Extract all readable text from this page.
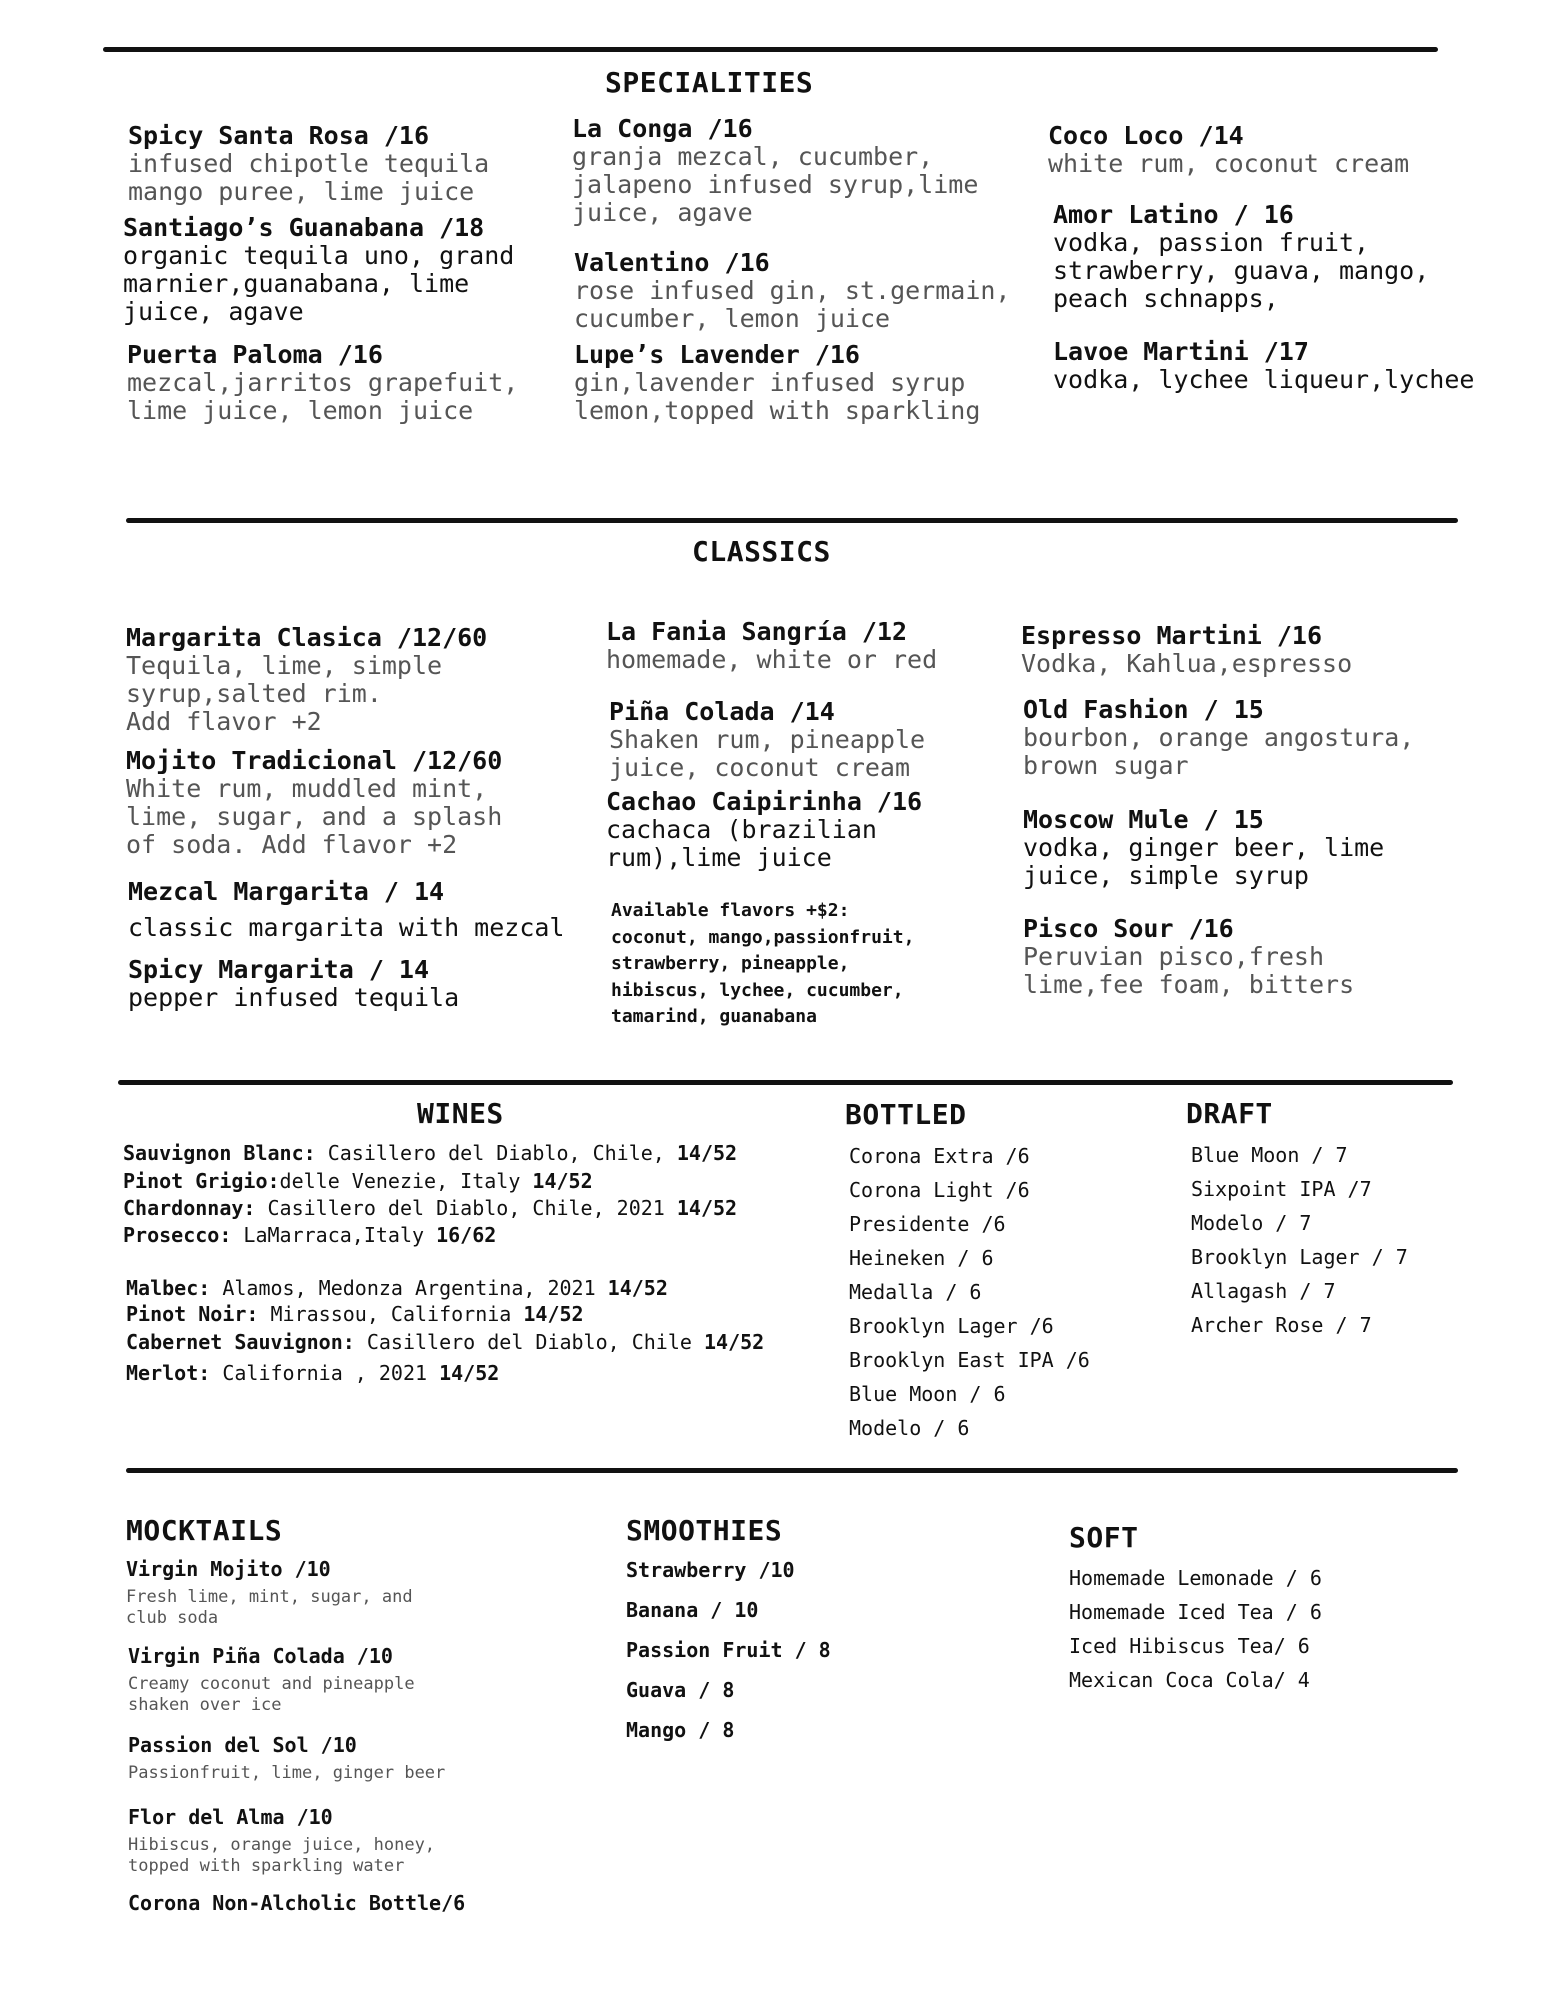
SPECIALITIES
Spicy Santa Rosa /16
infused chipotle tequila
mango puree, lime juice
Santiago’s Guanabana /18
organic tequila uno, grand
marnier,guanabana, lime
juice, agave
Puerta Paloma /16
mezcal,jarritos grapefuit,
lime juice, lemon juice
La Conga /16
granja mezcal, cucumber,
jalapeno infused syrup,lime
juice, agave
Valentino /16
rose infused gin, st.germain,
cucumber, lemon juice
Lupe’s Lavender /16
gin,lavender infused syrup
lemon,topped with sparkling
Coco Loco /14
white rum, coconut cream
Amor Latino / 16
vodka, passion fruit,
strawberry, guava, mango,
peach schnapps,
Lavoe Martini /17
vodka, lychee liqueur,lychee
CLASSICS
Margarita Clasica /12/60
Tequila, lime, simple
syrup,salted rim.
Add flavor +2
Mojito Tradicional /12/60
White rum, muddled mint,
lime, sugar, and a splash
of soda. Add flavor +2
Mezcal Margarita / 14
classic margarita with mezcal
Spicy Margarita / 14
pepper infused tequila
La Fania Sangría /12
homemade, white or red
Piña Colada /14
Shaken rum, pineapple
juice, coconut cream
Cachao Caipirinha /16
cachaca (brazilian
rum),lime juice
Available flavors +$2:
coconut, mango,passionfruit,
strawberry, pineapple,
hibiscus, lychee, cucumber,
tamarind, guanabana
Espresso Martini /16
Vodka, Kahlua,espresso
Old Fashion / 15
bourbon, orange angostura,
brown sugar
Moscow Mule / 15
vodka, ginger beer, lime
juice, simple syrup
Pisco Sour /16
Peruvian pisco,fresh
lime,fee foam, bitters
WINES	BOTTLED	DRAFT
Sauvignon Blanc: Casillero del Diablo, Chile, 14/52
Pinot Grigio:delle Venezie, Italy 14/52
Chardonnay: Casillero del Diablo, Chile, 2021 14/52
Prosecco: LaMarraca,Italy 16/62
Malbec: Alamos, Medonza Argentina, 2021 14/52
Pinot Noir: Mirassou, California 14/52
Cabernet Sauvignon: Casillero del Diablo, Chile 14/52
Merlot: California , 2021 14/52
Corona Extra /6
Corona Light /6
Presidente /6
Heineken / 6
Medalla / 6
Brooklyn Lager /6
Brooklyn East IPA /6
Blue Moon / 6
Modelo / 6
Blue Moon / 7
Sixpoint IPA /7
Modelo / 7
Brooklyn Lager / 7
Allagash / 7
Archer Rose / 7
MOCKTAILS	SMOOTHIES	SOFT
Virgin Mojito /10
Fresh lime, mint, sugar, and
club soda
Virgin Piña Colada /10
Creamy coconut and pineapple
shaken over ice
Passion del Sol /10
Passionfruit, lime, ginger beer
Flor del Alma /10
Hibiscus, orange juice, honey,
topped with sparkling water
Corona Non-Alcholic Bottle/6
Strawberry /10
Banana / 10
Passion Fruit / 8
Guava / 8
Mango / 8
Homemade Lemonade / 6
Homemade Iced Tea / 6
Iced Hibiscus Tea/ 6
Mexican Coca Cola/ 4
